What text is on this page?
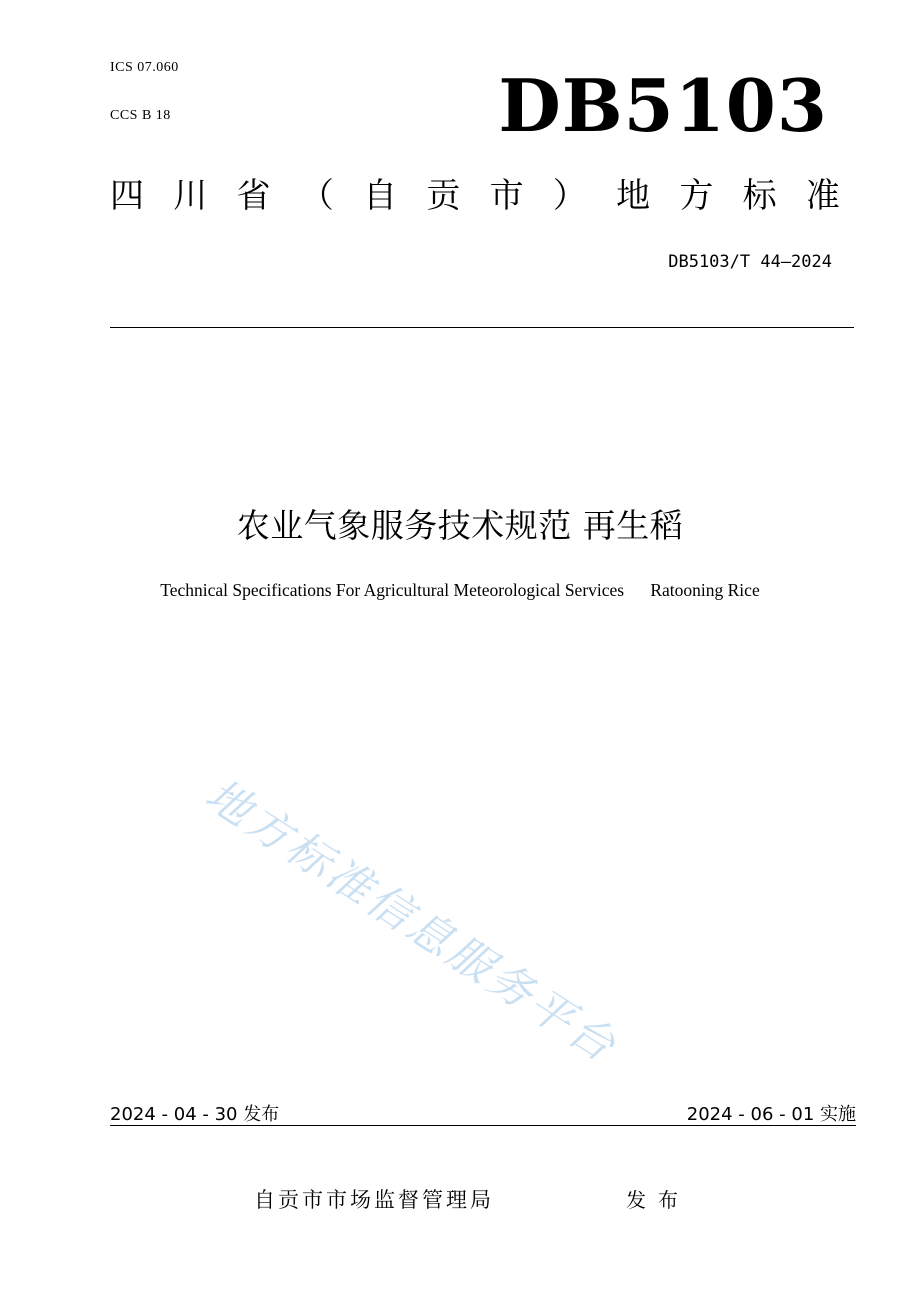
ICS 07.060
CCS B 18	DB5103
四 川 省 （ 自 贡 市 ） 地 方 标 准
DB5103/T 44—2024
农业气象服务技术规范 再生稻
Technical Specifications For Agricultural Meteorological Services      Ratooning Rice
地方标准信息服务平台
2024 - 04 - 30 发布	2024 - 06 - 01 实施
自贡市市场监督管理局	发布
